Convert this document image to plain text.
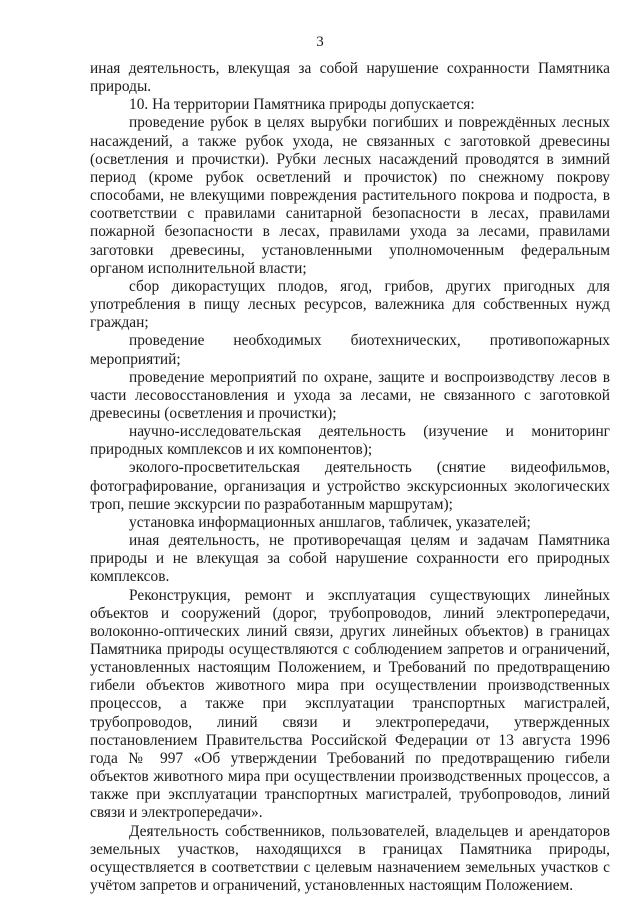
3

иная деятельность, влекущая за собой нарушение сохранности Памятника природы.

10. На территории Памятника природы допускается:

проведение рубок в целях вырубки погибших и повреждённых лесных насаждений, а также рубок ухода, не связанных с заготовкой древесины (осветления и прочистки). Рубки лесных насаждений проводятся в зимний период (кроме рубок осветлений и прочисток) по снежному покрову способами, не влекущими повреждения растительного покрова и подроста, в соответствии с правилами санитарной безопасности в лесах, правилами пожарной безопасности в лесах, правилами ухода за лесами, правилами заготовки древесины, установленными уполномоченным федеральным органом исполнительной власти;

сбор дикорастущих плодов, ягод, грибов, других пригодных для употребления в пищу лесных ресурсов, валежника для собственных нужд граждан;

проведение необходимых биотехнических, противопожарных мероприятий;

проведение мероприятий по охране, защите и воспроизводству лесов в части лесовосстановления и ухода за лесами, не связанного с заготовкой древесины (осветления и прочистки);

научно-исследовательская деятельность (изучение и мониторинг природных комплексов и их компонентов);

эколого-просветительская деятельность (снятие видеофильмов, фотографирование, организация и устройство экскурсионных экологических троп, пешие экскурсии по разработанным маршрутам);

установка информационных аншлагов, табличек, указателей;

иная деятельность, не противоречащая целям и задачам Памятника природы и не влекущая за собой нарушение сохранности его природных комплексов.

Реконструкция, ремонт и эксплуатация существующих линейных объектов и сооружений (дорог, трубопроводов, линий электропередачи, волоконно-оптических линий связи, других линейных объектов) в границах Памятника природы осуществляются с соблюдением запретов и ограничений, установленных настоящим Положением, и Требований по предотвращению гибели объектов животного мира при осуществлении производственных процессов, а также при эксплуатации транспортных магистралей, трубопроводов, линий связи и электропередачи, утвержденных постановлением Правительства Российской Федерации от 13 августа 1996 года № 997 «Об утверждении Требований по предотвращению гибели объектов животного мира при осуществлении производственных процессов, а также при эксплуатации транспортных магистралей, трубопроводов, линий связи и электропередачи».

Деятельность собственников, пользователей, владельцев и арендаторов земельных участков, находящихся в границах Памятника природы, осуществляется в соответствии с целевым назначением земельных участков с учётом запретов и ограничений, установленных настоящим Положением.
